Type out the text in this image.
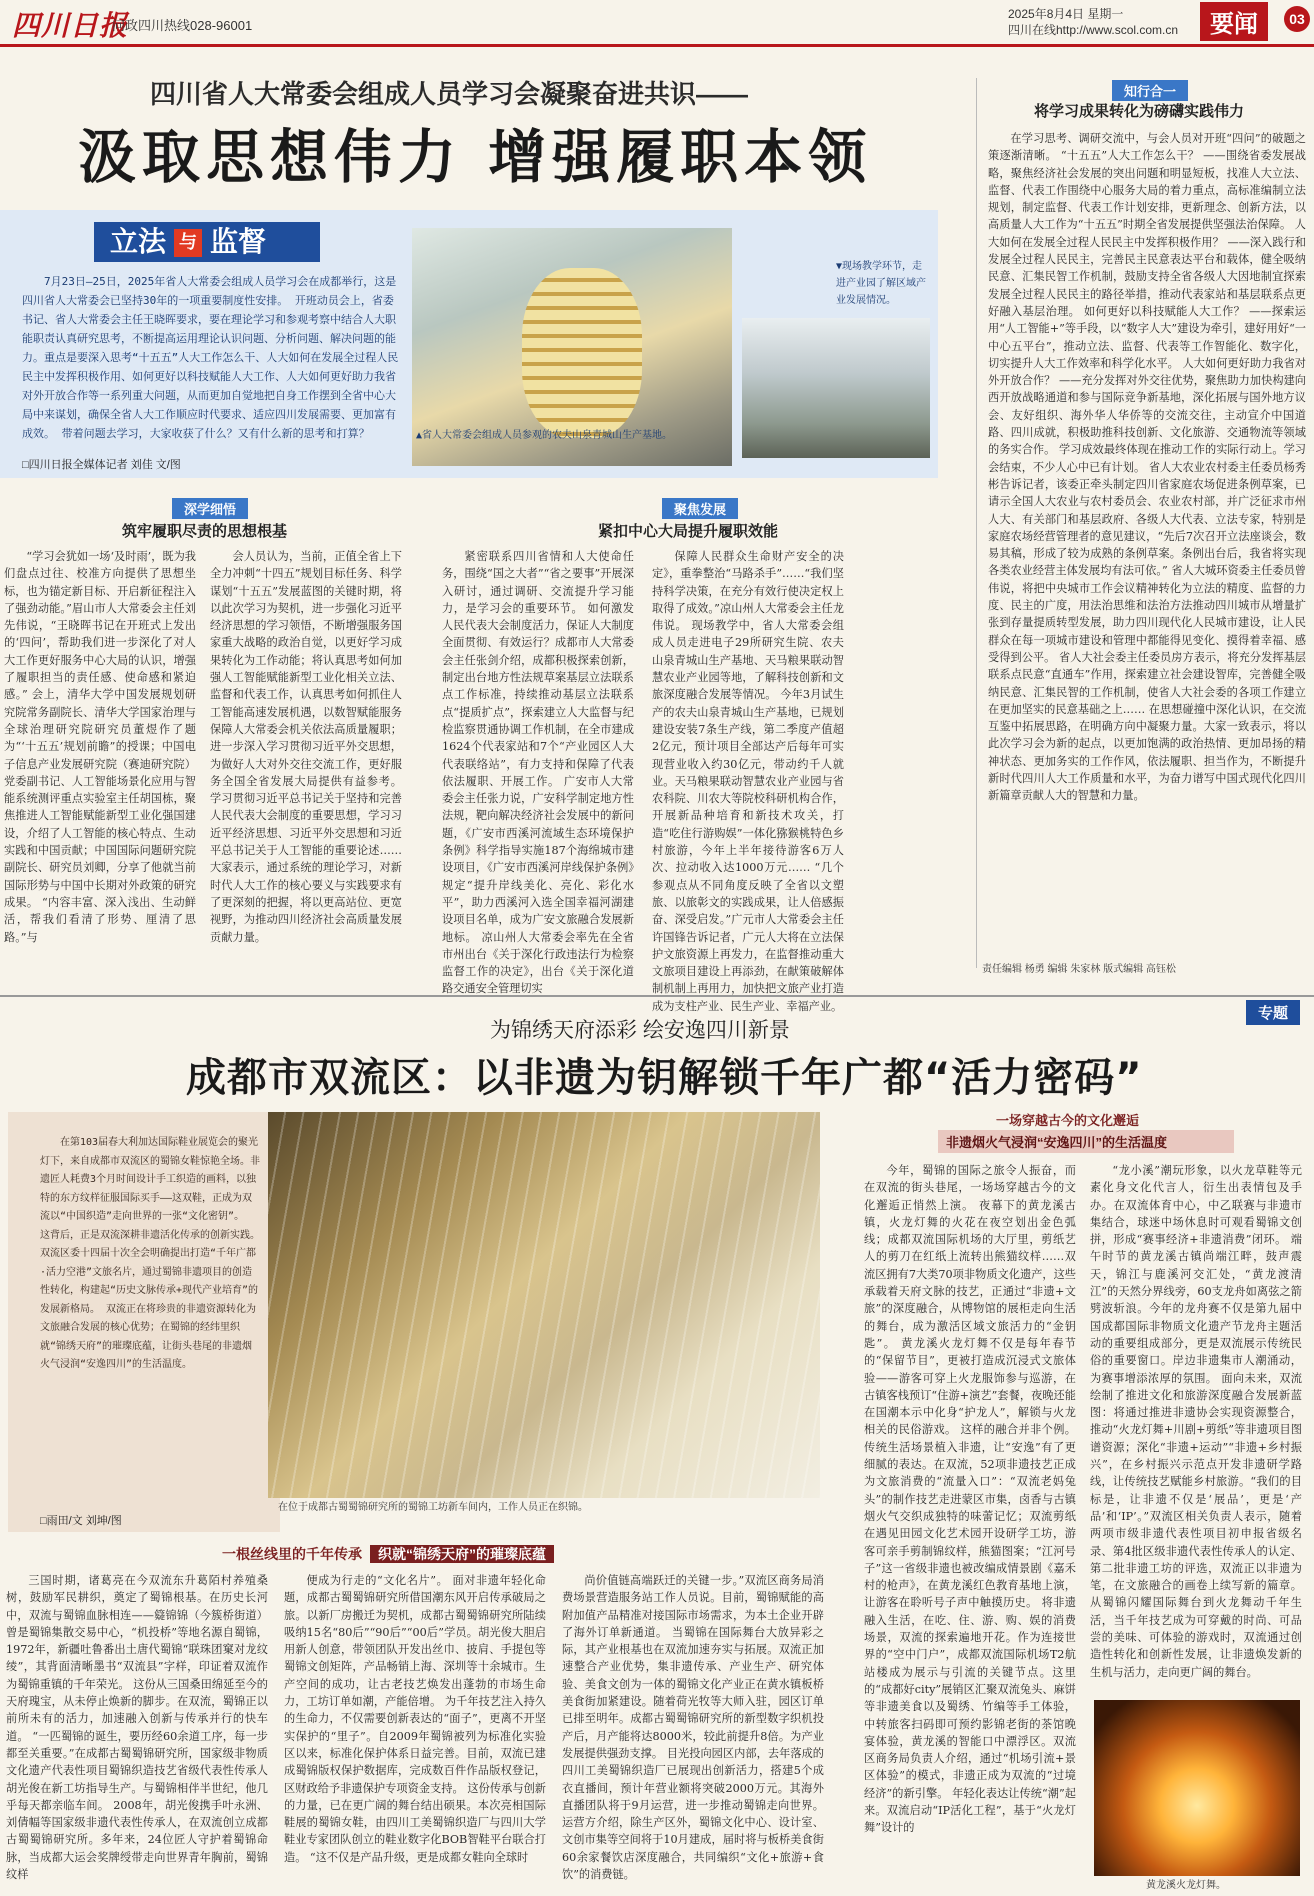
四川日报
问政四川热线028-96001
2025年8月4日 星期一
四川在线http://www.scol.com.cn	要闻	03
四川省人大常委会组成人员学习会凝聚奋进共识——
汲取思想伟力 增强履职本领
立法 与 监督
7月23日—25日，2025年省人大常委会组成人员学习会在成都举行，这是四川省人大常委会已坚持30年的一项重要制度性安排。 开班动员会上，省委书记、省人大常委会主任王晓晖要求，要在理论学习和参观考察中结合人大职能职责认真研究思考，不断提高运用理论认识问题、分析问题、解决问题的能力。重点是要深入思考“十五五”人大工作怎么干、人大如何在发展全过程人民民主中发挥积极作用、如何更好以科技赋能人大工作、人大如何更好助力我省对外开放合作等一系列重大问题，从而更加自觉地把自身工作摆到全省中心大局中来谋划，确保全省人大工作顺应时代要求、适应四川发展需要、更加富有成效。 带着问题去学习，大家收获了什么？又有什么新的思考和打算？
□四川日报全媒体记者 刘佳 文/图
▲省人大常委会组成人员参观的农夫山泉青城山生产基地。
▼现场教学环节，走进产业园了解区域产业发展情况。
深学细悟
筑牢履职尽责的思想根基
“学习会犹如一场‘及时雨’，既为我们盘点过往、校准方向提供了思想坐标，也为锚定新目标、开启新征程注入了强劲动能。”眉山市人大常委会主任刘先伟说，“王晓晖书记在开班式上发出的‘四问’，帮助我们进一步深化了对人大工作更好服务中心大局的认识，增强了履职担当的责任感、使命感和紧迫感。” 会上，清华大学中国发展规划研究院常务副院长、清华大学国家治理与全球治理研究院研究员董煜作了题为“‘十五五’规划前瞻”的授课；中国电子信息产业发展研究院（赛迪研究院）党委副书记、人工智能场景化应用与智能系统测评重点实验室主任胡国栋，聚焦推进人工智能赋能新型工业化强国建设，介绍了人工智能的核心特点、生动实践和中国贡献；中国国际问题研究院副院长、研究员刘卿，分享了他就当前国际形势与中国中长期对外政策的研究成果。 “内容丰富、深入浅出、生动鲜活，帮我们看清了形势、厘清了思路。”与
会人员认为，当前，正值全省上下全力冲刺“十四五”规划目标任务、科学谋划“十五五”发展蓝图的关键时期，将以此次学习为契机，进一步强化习近平经济思想的学习领悟，不断增强服务国家重大战略的政治自觉，以更好学习成果转化为工作动能；将认真思考如何加强人工智能赋能新型工业化相关立法、监督和代表工作，认真思考如何抓住人工智能高速发展机遇，以数智赋能服务保障人大常委会机关依法高质量履职；进一步深入学习贯彻习近平外交思想，为做好人大对外交往交流工作，更好服务全国全省发展大局提供有益参考。 学习贯彻习近平总书记关于坚持和完善人民代表大会制度的重要思想，学习习近平经济思想、习近平外交思想和习近平总书记关于人工智能的重要论述……大家表示，通过系统的理论学习，对新时代人大工作的核心要义与实践要求有了更深刻的把握，将以更高站位、更宽视野，为推动四川经济社会高质量发展贡献力量。
聚焦发展
紧扣中心大局提升履职效能
紧密联系四川省情和人大使命任务，围绕“国之大者”“省之要事”开展深入研讨，通过调研、交流提升学习能力，是学习会的重要环节。 如何激发人民代表大会制度活力，保证人大制度全面贯彻、有效运行？成都市人大常委会主任张剑介绍，成都积极探索创新，制定出台地方性法规草案基层立法联系点工作标准，持续推动基层立法联系点“提质扩点”，探索建立人大监督与纪检监察贯通协调工作机制，在全市建成1624个代表家站和7个“产业园区人大代表联络站”，有力支持和保障了代表依法履职、开展工作。 广安市人大常委会主任张力说，广安科学制定地方性法规，靶向解决经济社会发展中的新问题，《广安市西溪河流域生态环境保护条例》科学指导实施187个海绵城市建设项目，《广安市西溪河岸线保护条例》规定“提升岸线美化、亮化、彩化水平”，助力西溪河入选全国幸福河湖建设项目名单，成为广安文旅融合发展新地标。 凉山州人大常委会率先在全省市州出台《关于深化行政违法行为检察监督工作的决定》，出台《关于深化道路交通安全管理切实
保障人民群众生命财产安全的决定》，重拳整治“马路杀手”……“我们坚持科学决策，在充分有效行使决定权上取得了成效。”凉山州人大常委会主任龙伟说。 现场教学中，省人大常委会组成人员走进电子29所研究生院、农夫山泉青城山生产基地、天马粮果联动智慧农业产业园等地，了解科技创新和文旅深度融合发展等情况。 今年3月试生产的农夫山泉青城山生产基地，已规划建设安装7条生产线，第二季度产值超2亿元，预计项目全部达产后每年可实现营业收入约30亿元，带动约千人就业。天马粮果联动智慧农业产业园与省农科院、川农大等院校科研机构合作，开展新品种培育和新技术攻关，打造“吃住行游购娱”一体化猕猴桃特色乡村旅游，今年上半年接待游客6万人次、拉动收入达1000万元…… “几个参观点从不同角度反映了全省以文塑旅、以旅彰文的实践成果，让人倍感振奋、深受启发。”广元市人大常委会主任许国锋告诉记者，广元人大将在立法保护文旅资源上再发力，在监督推动重大文旅项目建设上再添劲，在献策破解体制机制上再用力，加快把文旅产业打造成为支柱产业、民生产业、幸福产业。
知行合一
将学习成果转化为磅礴实践伟力
在学习思考、调研交流中，与会人员对开班“四问”的破题之策逐渐清晰。 “十五五”人大工作怎么干？ ——围绕省委发展战略，聚焦经济社会发展的突出问题和明显短板，找准人大立法、监督、代表工作围绕中心服务大局的着力重点，高标准编制立法规划，制定监督、代表工作计划安排，更新理念、创新方法，以高质量人大工作为“十五五”时期全省发展提供坚强法治保障。 人大如何在发展全过程人民民主中发挥积极作用？ ——深入践行和发展全过程人民民主，完善民主民意表达平台和载体，健全吸纳民意、汇集民智工作机制，鼓励支持全省各级人大因地制宜探索发展全过程人民民主的路径举措，推动代表家站和基层联系点更好融入基层治理。 如何更好以科技赋能人大工作？ ——探索运用“人工智能+”等手段，以“数字人大”建设为牵引，建好用好“一中心五平台”，推动立法、监督、代表等工作智能化、数字化，切实提升人大工作效率和科学化水平。 人大如何更好助力我省对外开放合作？ ——充分发挥对外交往优势，聚焦助力加快构建向西开放战略通道和参与国际竞争新基地，深化拓展与国外地方议会、友好组织、海外华人华侨等的交流交往，主动宣介中国道路、四川成就，积极助推科技创新、文化旅游、交通物流等领域的务实合作。 学习成效最终体现在推动工作的实际行动上。学习会结束，不少人心中已有计划。 省人大农业农村委主任委员杨秀彬告诉记者，该委正牵头制定四川省家庭农场促进条例草案，已请示全国人大农业与农村委员会、农业农村部，并广泛征求市州人大、有关部门和基层政府、各级人大代表、立法专家，特别是家庭农场经营管理者的意见建议，“先后7次召开立法座谈会，数易其稿，形成了较为成熟的条例草案。条例出台后，我省将实现各类农业经营主体发展均有法可依。” 省人大城环资委主任委员曾伟说，将把中央城市工作会议精神转化为立法的精度、监督的力度、民主的广度，用法治思维和法治方法推动四川城市从增量扩张到存量提质转型发展，助力四川现代化人民城市建设，让人民群众在每一项城市建设和管理中都能得见变化、摸得着幸福、感受得到公平。 省人大社会委主任委员房方表示，将充分发挥基层联系点民意“直通车”作用，探索建立社会建设智库，完善健全吸纳民意、汇集民智的工作机制，使省人大社会委的各项工作建立在更加坚实的民意基础之上…… 在思想碰撞中深化认识，在交流互鉴中拓展思路，在明确方向中凝聚力量。大家一致表示，将以此次学习会为新的起点，以更加饱满的政治热情、更加昂扬的精神状态、更加务实的工作作风，依法履职、担当作为，不断提升新时代四川人大工作质量和水平，为奋力谱写中国式现代化四川新篇章贡献人大的智慧和力量。
责任编辑 杨勇 编辑 朱家林 版式编辑 高钰松
专题
为锦绣天府添彩 绘安逸四川新景
成都市双流区：以非遗为钥解锁千年广都“活力密码”
在第103届春大利加达国际鞋业展览会的聚光灯下，来自成都市双流区的蜀锦女鞋惊艳全场。非遗匠人耗费3个月时间设计手工织造的画料，以独特的东方纹样征服国际买手——这双鞋，正成为双流以“中国织造”走向世界的一张“文化密钥”。 这背后，正是双流深耕非遗活化传承的创新实践。双流区委十四届十次全会明确提出打造“千年广都·活力空港”文旅名片，通过蜀锦非遗项目的创造性转化，构建起“历史文脉传承+现代产业培育”的发展新格局。 双流正在将珍贵的非遗资源转化为文旅融合发展的核心优势；在蜀锦的经纬里织就“锦绣天府”的璀璨底蕴，让街头巷尾的非遗烟火气浸润“安逸四川”的生活温度。
□雨田/文 刘坤/图
在位于成都古蜀蜀锦研究所的蜀锦工坊新车间内，工作人员正在织锦。
一根丝线里的千年传承 织就“锦绣天府”的璀璨底蕴
三国时期，诸葛亮在今双流东升葛陌村养殖桑树，鼓励军民耕织，奠定了蜀锦根基。在历史长河中，双流与蜀锦血脉相连——籎锦锦（今簇桥街道）曾是蜀锦集散交易中心，“机投桥”等地名源自蜀锦，1972年，新疆吐鲁番出土唐代蜀锦“联珠团窠对龙纹绫”，其背面清晰墨书“双流县”字样，印证着双流作为蜀锦重镇的千年荣光。 这份从三国桑田绵延至今的天府瑰宝，从未停止焕新的脚步。在双流，蜀锦正以前所未有的活力，加速融入创新与传承并行的快车道。 “一匹蜀锦的诞生，要历经60余道工序，每一步都至关重要。”在成都古蜀蜀锦研究所，国家级非物质文化遗产代表性项目蜀锦织造技艺省级代表性传承人胡光俊在新工坊指导生产。与蜀锦相伴半世纪，他几乎每天都亲临车间。 2008年，胡光俊携手叶永洲、刘倩幅等国家级非遗代表性传承人，在双流创立成都古蜀蜀锦研究所。多年来，24位匠人守护着蜀锦命脉，当成都大运会奖牌绶带走向世界青年胸前，蜀锦纹样
便成为行走的“文化名片”。 面对非遗年轻化命题，成都古蜀蜀锦研究所借国潮东风开启传承破局之旅。以新厂房搬迁为契机，成都古蜀蜀锦研究所陆续吸纳15名“80后”“90后”“00后”学员。胡光俊大胆启用新人创意，带领团队开发出丝巾、披肩、手提包等蜀锦文创矩阵，产品畅销上海、深圳等十余城市。生产空间的成功，让古老技艺焕发出蓬勃的市场生命力，工坊订单如潮，产能倍增。 为千年技艺注入持久的生命力，不仅需要创新表达的“面子”，更离不开坚实保护的“里子”。自2009年蜀锦被列为标准化实验区以来，标准化保护体系日益完善。目前，双流已建成蜀锦版权保护数据库，完成数百件作品版权登记，区财政给予非遗保护专项资金支持。 这份传承与创新的力量，已在更广阔的舞台结出硕果。本次亮相国际鞋展的蜀锦女鞋，由四川工美蜀锦织造厂与四川大学鞋业专家团队创立的鞋业数字化BOB智鞋平台联合打造。 “这不仅是产品升级，更是成都女鞋向全球时
尚价值链高端跃迁的关键一步。”双流区商务局消费场景营造服务站工作人员说。目前，蜀锦赋能的高附加值产品精准对接国际市场需求，为本土企业开辟了海外订单新通道。 当蜀锦在国际舞台大放异彩之际，其产业根基也在双流加速夯实与拓展。双流正加速整合产业优势，集非遗传承、产业生产、研究体验、美食文创为一体的蜀锦文化产业正在黄水镇板桥美食街加紧建设。随着荷光牧等大师入驻，园区订单已排至明年。成都古蜀蜀锦研究所的新型数字织机投产后，月产能将达8000米，较此前提升8倍。为产业发展提供强劲支撑。 目光投向园区内部，去年落成的四川工美蜀锦织造厂已展现出创新活力，搭建5个成衣直播间，预计年营业额将突破2000万元。其海外直播团队将于9月运营，进一步推动蜀锦走向世界。运营方介绍，除生产区外，蜀锦文化中心、设计室、文创市集等空间将于10月建成，届时将与板桥美食街60余家餐饮店深度融合，共同编织“文化+旅游+食饮”的消费链。
一场穿越古今的文化邂逅
非遗烟火气浸润“安逸四川”的生活温度
今年，蜀锦的国际之旅令人振奋，而在双流的街头巷尾，一场场穿越古今的文化邂逅正悄然上演。 夜幕下的黄龙溪古镇，火龙灯舞的火花在夜空划出金色弧线；成都双流国际机场的大厅里，剪纸艺人的剪刀在红纸上流转出熊猫纹样……双流区拥有7大类70项非物质文化遗产，这些承载着天府文脉的技艺，正通过“非遗+文旅”的深度融合，从博物馆的展柜走向生活的舞台，成为激活区域文旅活力的“金钥匙”。 黄龙溪火龙灯舞不仅是每年春节的“保留节目”，更被打造成沉浸式文旅体验——游客可穿上火龙服饰参与巡游，在古镇客栈预订“住游+演艺”套餐，夜晚还能在国潮本示中化身“护龙人”，解锁与火龙相关的民俗游戏。 这样的融合并非个例。传统生活场景植入非遗，让“安逸”有了更细腻的表达。在双流，52项非遗技艺正成为文旅消费的“流量入口”：“双流老妈兔头”的制作技艺走进蒙区市集，卤香与古镇烟火气交织成独特的味蕾记忆；双流剪纸在遇见田园文化艺术园开设研学工坊，游客可亲手剪制锦纹样，熊猫图案；“江河号子”这一省级非遗也被改编成情景剧《嘉禾村的枪声》，在黄龙溪红色教育基地上演，让游客在聆听号子声中触摸历史。 将非遗融入生活，在吃、住、游、购、娱的消费场景，双流的探索遍地开花。作为连接世界的“空中门户”，成都双流国际机场T2航站楼成为展示与引流的关键节点。这里的“成都好city”展销区汇聚双流兔头、麻饼等非遗美食以及蜀绣、竹编等手工体验，中转旅客扫码即可预约影锦老街的茶馆晚宴体验，黄龙溪的智能口中漂浮区。双流区商务局负责人介绍，通过“机场引流+景区体验”的模式，非遗正成为双流的“过境经济”的新引擎。 年轻化表达让传统“潮”起来。双流启动“IP活化工程”，基于“火龙灯舞”设计的
“龙小溪”潮玩形象，以火龙草鞋等元素化身文化代言人，衍生出表情包及手办。在双流体育中心，中乙联赛与非遗市集结合，球迷中场休息时可观看蜀锦文创拼，形成“赛事经济+非遗消费”闭环。 端午时节的黄龙溪古镇尚端江畔，鼓声震天，锦江与鹿溪河交汇处，“黄龙渡清江”的天然分界线旁，60支龙舟如离弦之箭劈波斩浪。今年的龙舟赛不仅是第九届中国成都国际非物质文化遗产节龙舟主题活动的重要组成部分，更是双流展示传统民俗的重要窗口。岸边非遗集市人潮涌动，为赛事增添浓厚的氛围。 面向未来，双流绘制了推进文化和旅游深度融合发展新蓝图：将通过推进非遗协会实现资源整合，推动“火龙灯舞+川剧+剪纸”等非遗项目图谱资源；深化“非遗+运动”“非遗+乡村振兴”，在乡村振兴示范点开发非遗研学路线，让传统技艺赋能乡村旅游。“我们的目标是，让非遗不仅是‘展品’，更是‘产品’和‘IP’。”双流区相关负责人表示，随着两项市级非遗代表性项目初申报省级名录、第4批区级非遗代表性传承人的认定、第二批非遗工坊的评选，双流正以非遗为笔，在文旅融合的画卷上续写新的篇章。 从蜀锦闪耀国际舞台到火龙舞动千年生活，当千年技艺成为可穿戴的时尚、可品尝的美味、可体验的游戏时，双流通过创造性转化和创新性发展，让非遗焕发新的生机与活力，走向更广阔的舞台。
黄龙溪火龙灯舞。
